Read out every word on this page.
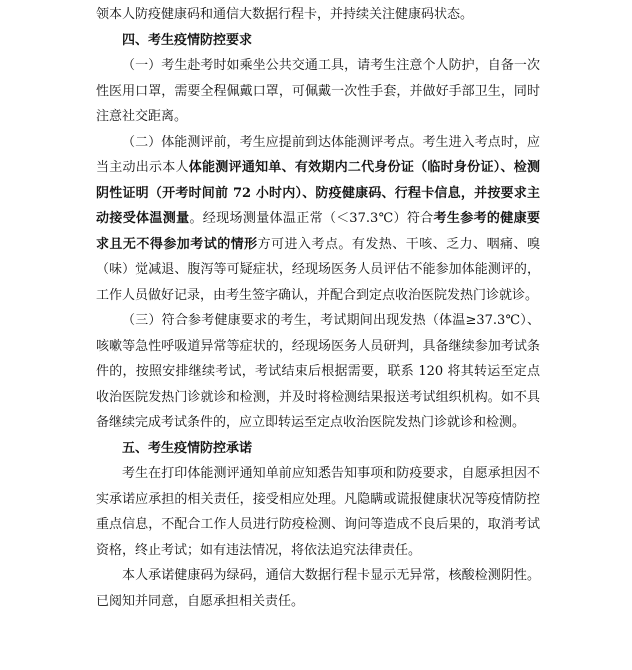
领本人防疫健康码和通信大数据行程卡，并持续关注健康码状态。

四、考生疫情防控要求

（一）考生赴考时如乘坐公共交通工具，请考生注意个人防护，自备一次性医用口罩，需要全程佩戴口罩，可佩戴一次性手套，并做好手部卫生，同时注意社交距离。

（二）体能测评前，考生应提前到达体能测评考点。考生进入考点时，应当主动出示本人体能测评通知单、有效期内二代身份证（临时身份证）、检测阴性证明（开考时间前 72 小时内）、防疫健康码、行程卡信息，并按要求主动接受体温测量。经现场测量体温正常（＜37.3℃）符合考生参考的健康要求且无不得参加考试的情形方可进入考点。有发热、干咳、乏力、咽痛、嗅（味）觉减退、腹泻等可疑症状，经现场医务人员评估不能参加体能测评的，工作人员做好记录，由考生签字确认，并配合到定点收治医院发热门诊就诊。

（三）符合参考健康要求的考生，考试期间出现发热（体温≥37.3℃）、咳嗽等急性呼吸道异常等症状的，经现场医务人员研判，具备继续参加考试条件的，按照安排继续考试，考试结束后根据需要，联系 120 将其转运至定点收治医院发热门诊就诊和检测，并及时将检测结果报送考试组织机构。如不具备继续完成考试条件的，应立即转运至定点收治医院发热门诊就诊和检测。

五、考生疫情防控承诺

考生在打印体能测评通知单前应知悉告知事项和防疫要求，自愿承担因不实承诺应承担的相关责任，接受相应处理。凡隐瞒或谎报健康状况等疫情防控重点信息，不配合工作人员进行防疫检测、询问等造成不良后果的，取消考试资格，终止考试；如有违法情况，将依法追究法律责任。

本人承诺健康码为绿码，通信大数据行程卡显示无异常，核酸检测阴性。已阅知并同意，自愿承担相关责任。
